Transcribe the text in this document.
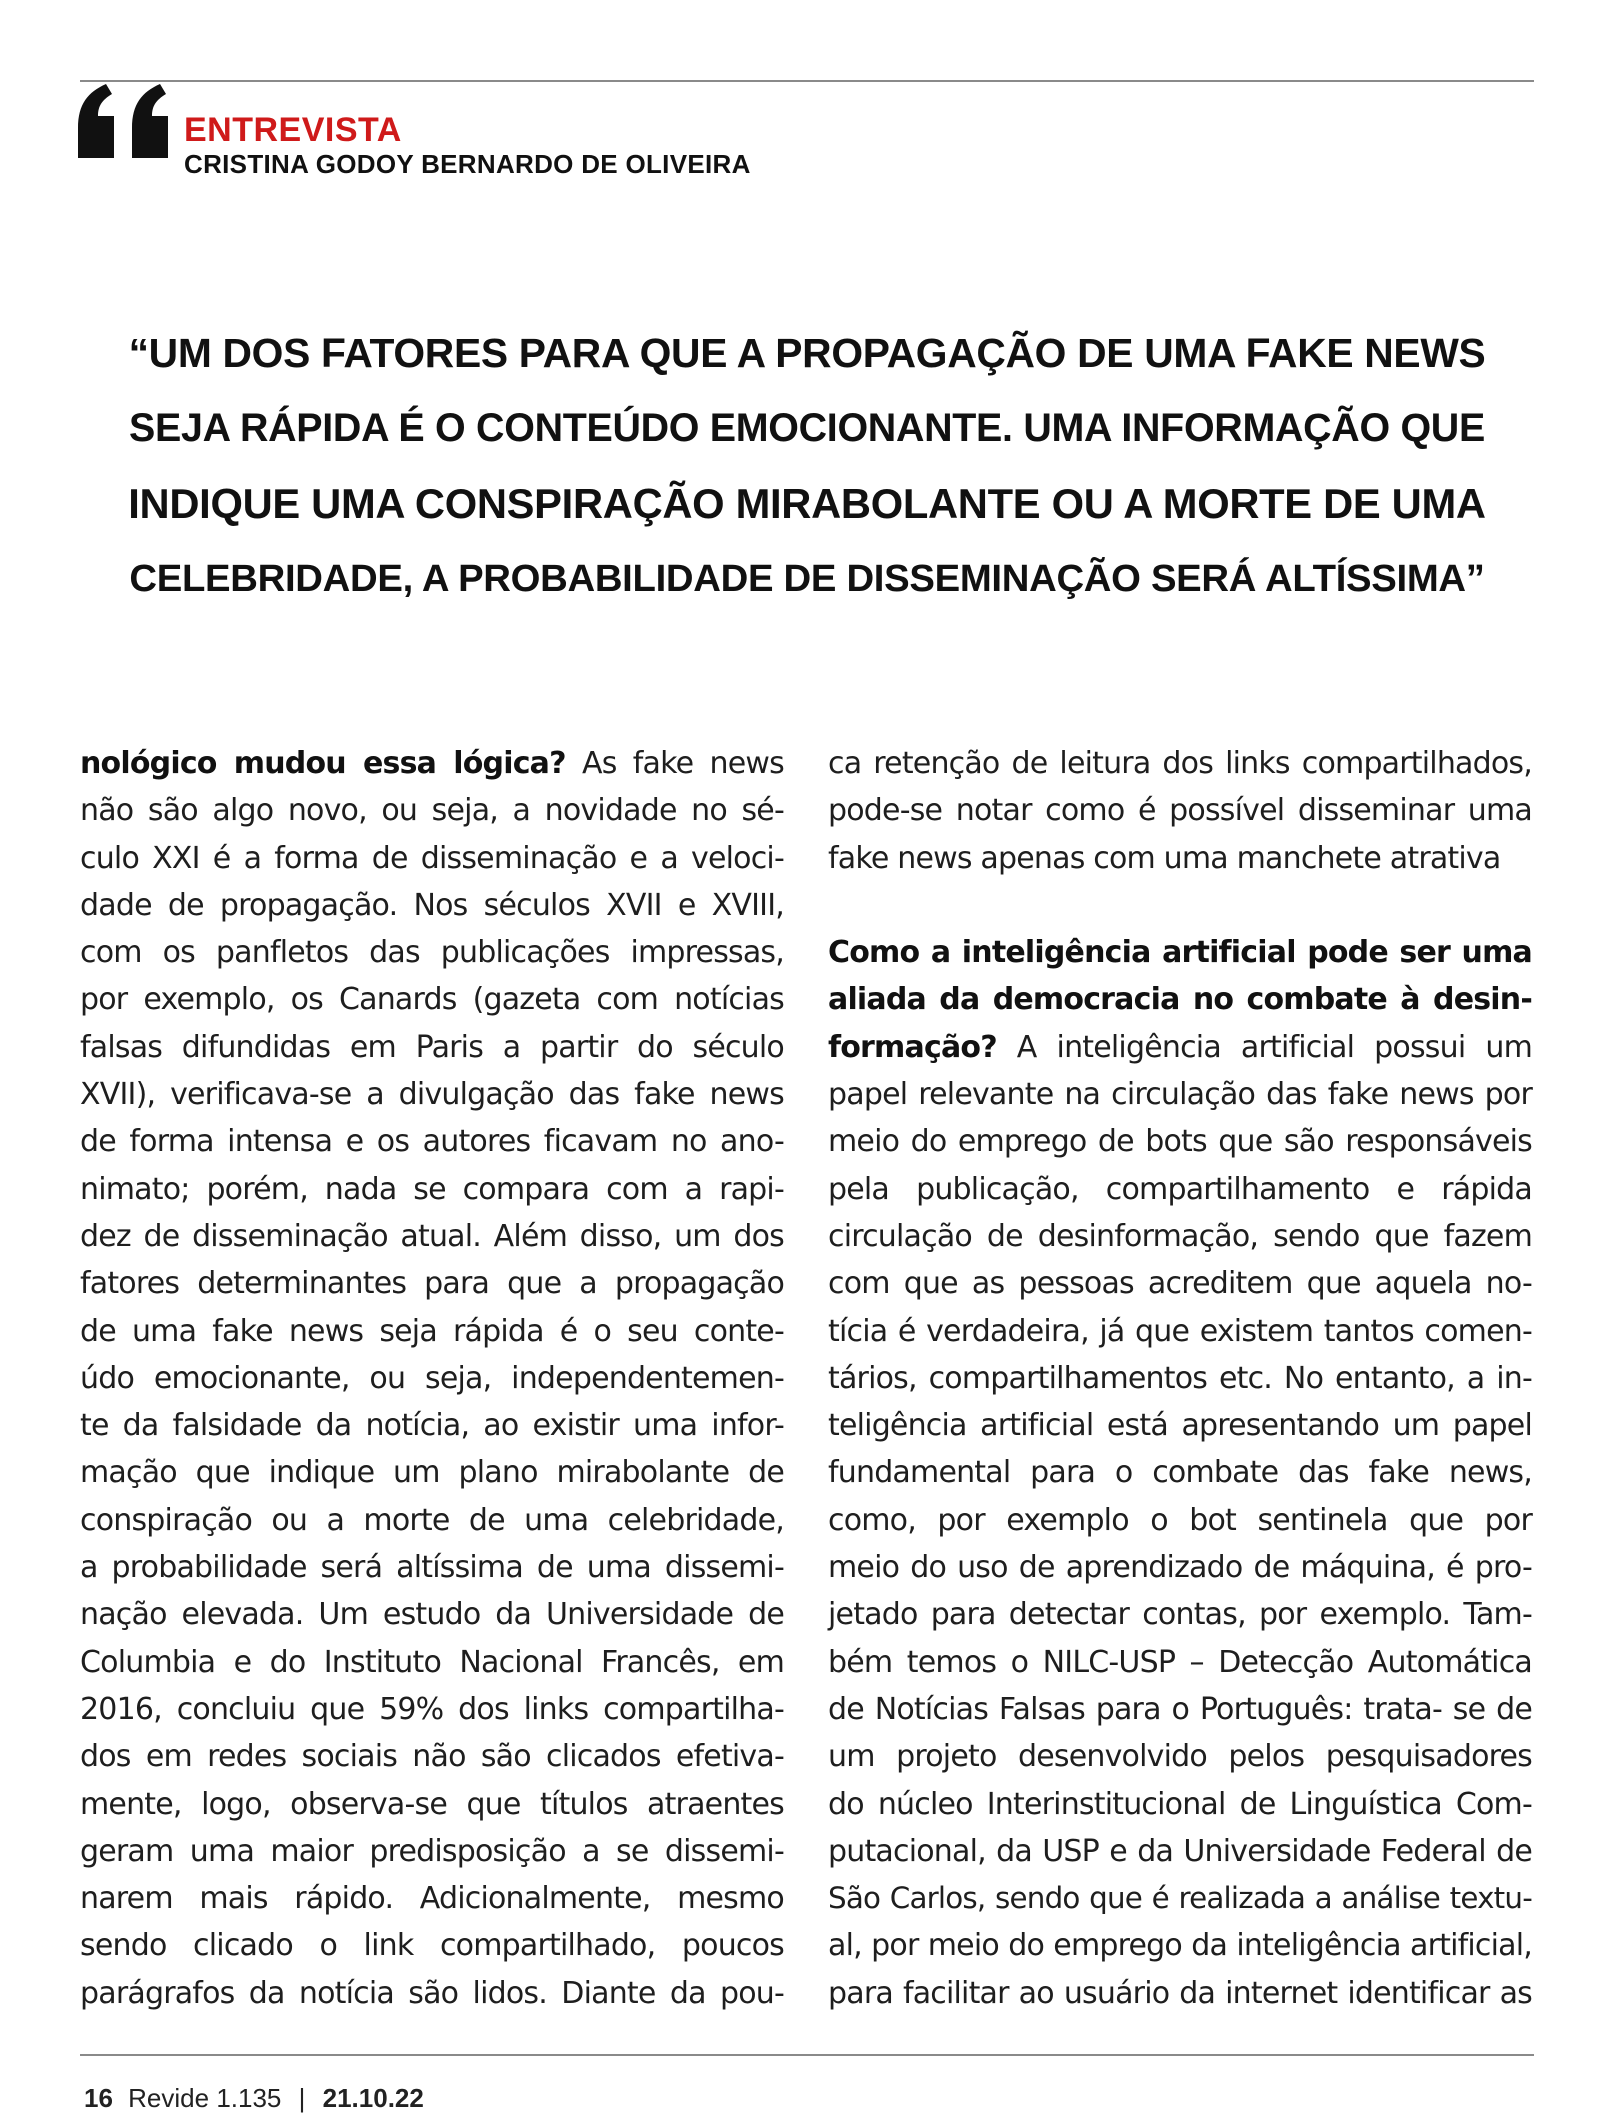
ENTREVISTA
CRISTINA GODOY BERNARDO DE OLIVEIRA
“UM DOS FATORES PARA QUE A PROPAGAÇÃO DE UMA FAKE NEWS
SEJA RÁPIDA É O CONTEÚDO EMOCIONANTE. UMA INFORMAÇÃO QUE
INDIQUE UMA CONSPIRAÇÃO MIRABOLANTE OU A MORTE DE UMA
CELEBRIDADE, A PROBABILIDADE DE DISSEMINAÇÃO SERÁ ALTÍSSIMA”
nológico mudou essa lógica? As fake news
não são algo novo, ou seja, a novidade no sé-
culo XXI é a forma de disseminação e a veloci-
dade de propagação. Nos séculos XVII e XVIII,
com os panfletos das publicações impressas,
por exemplo, os Canards (gazeta com notícias
falsas difundidas em Paris a partir do século
XVII), verificava-se a divulgação das fake news
de forma intensa e os autores ficavam no ano-
nimato; porém, nada se compara com a rapi-
dez de disseminação atual. Além disso, um dos
fatores determinantes para que a propagação
de uma fake news seja rápida é o seu conte-
údo emocionante, ou seja, independentemen-
te da falsidade da notícia, ao existir uma infor-
mação que indique um plano mirabolante de
conspiração ou a morte de uma celebridade,
a probabilidade será altíssima de uma dissemi-
nação elevada. Um estudo da Universidade de
Columbia e do Instituto Nacional Francês, em
2016, concluiu que 59% dos links compartilha-
dos em redes sociais não são clicados efetiva-
mente, logo, observa-se que títulos atraentes
geram uma maior predisposição a se dissemi-
narem mais rápido. Adicionalmente, mesmo
sendo clicado o link compartilhado, poucos
parágrafos da notícia são lidos. Diante da pou-
ca retenção de leitura dos links compartilhados,
pode-se notar como é possível disseminar uma
fake news apenas com uma manchete atrativa
Como a inteligência artificial pode ser uma
aliada da democracia no combate à desin-
formação? A inteligência artificial possui um
papel relevante na circulação das fake news por
meio do emprego de bots que são responsáveis
pela publicação, compartilhamento e rápida
circulação de desinformação, sendo que fazem
com que as pessoas acreditem que aquela no-
tícia é verdadeira, já que existem tantos comen-
tários, compartilhamentos etc. No entanto, a in-
teligência artificial está apresentando um papel
fundamental para o combate das fake news,
como, por exemplo o bot sentinela que por
meio do uso de aprendizado de máquina, é pro-
jetado para detectar contas, por exemplo. Tam-
bém temos o NILC-USP – Detecção Automática
de Notícias Falsas para o Português: trata- se de
um projeto desenvolvido pelos pesquisadores
do núcleo Interinstitucional de Linguística Com-
putacional, da USP e da Universidade Federal de
São Carlos, sendo que é realizada a análise textu-
al, por meio do emprego da inteligência artificial,
para facilitar ao usuário da internet identificar as
16 Revide 1.135 | 21.10.22
